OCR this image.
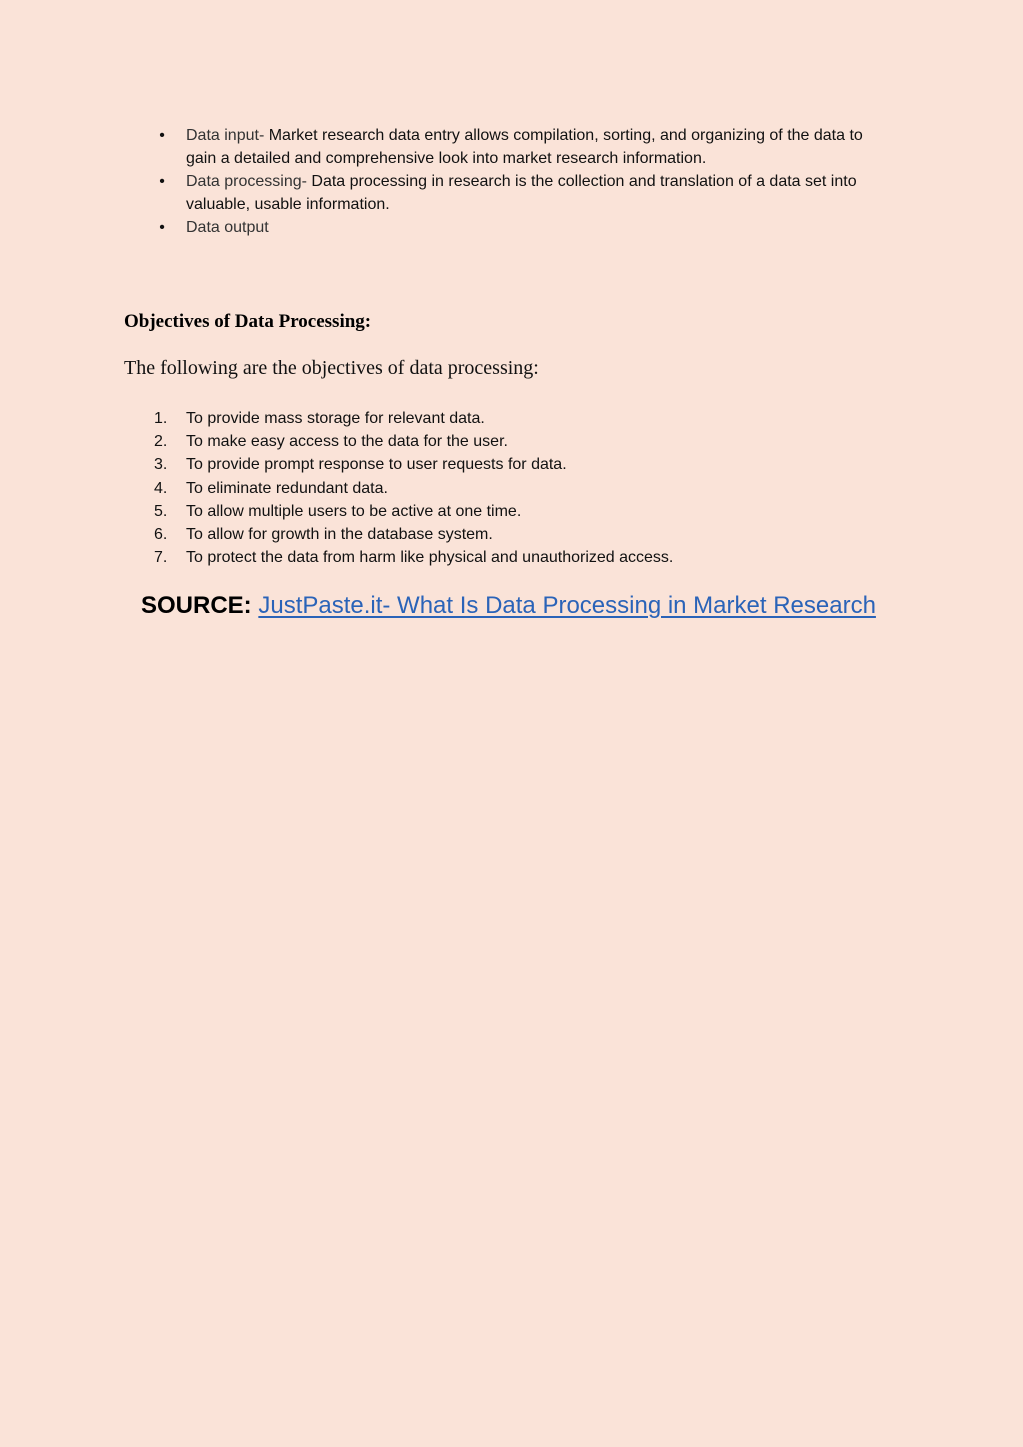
•	Data input- Market research data entry allows compilation, sorting, and organizing of the data to gain a detailed and comprehensive look into market research information.
•	Data processing- Data processing in research is the collection and translation of a data set into valuable, usable information.
•	Data output
Objectives of Data Processing:

The following are the objectives of data processing:

1. To provide mass storage for relevant data.
2. To make easy access to the data for the user.
3. To provide prompt response to user requests for data.
4. To eliminate redundant data.
5. To allow multiple users to be active at one time.
6. To allow for growth in the database system.
7. To protect the data from harm like physical and unauthorized access.

SOURCE: JustPaste.it- What Is Data Processing in Market Research
